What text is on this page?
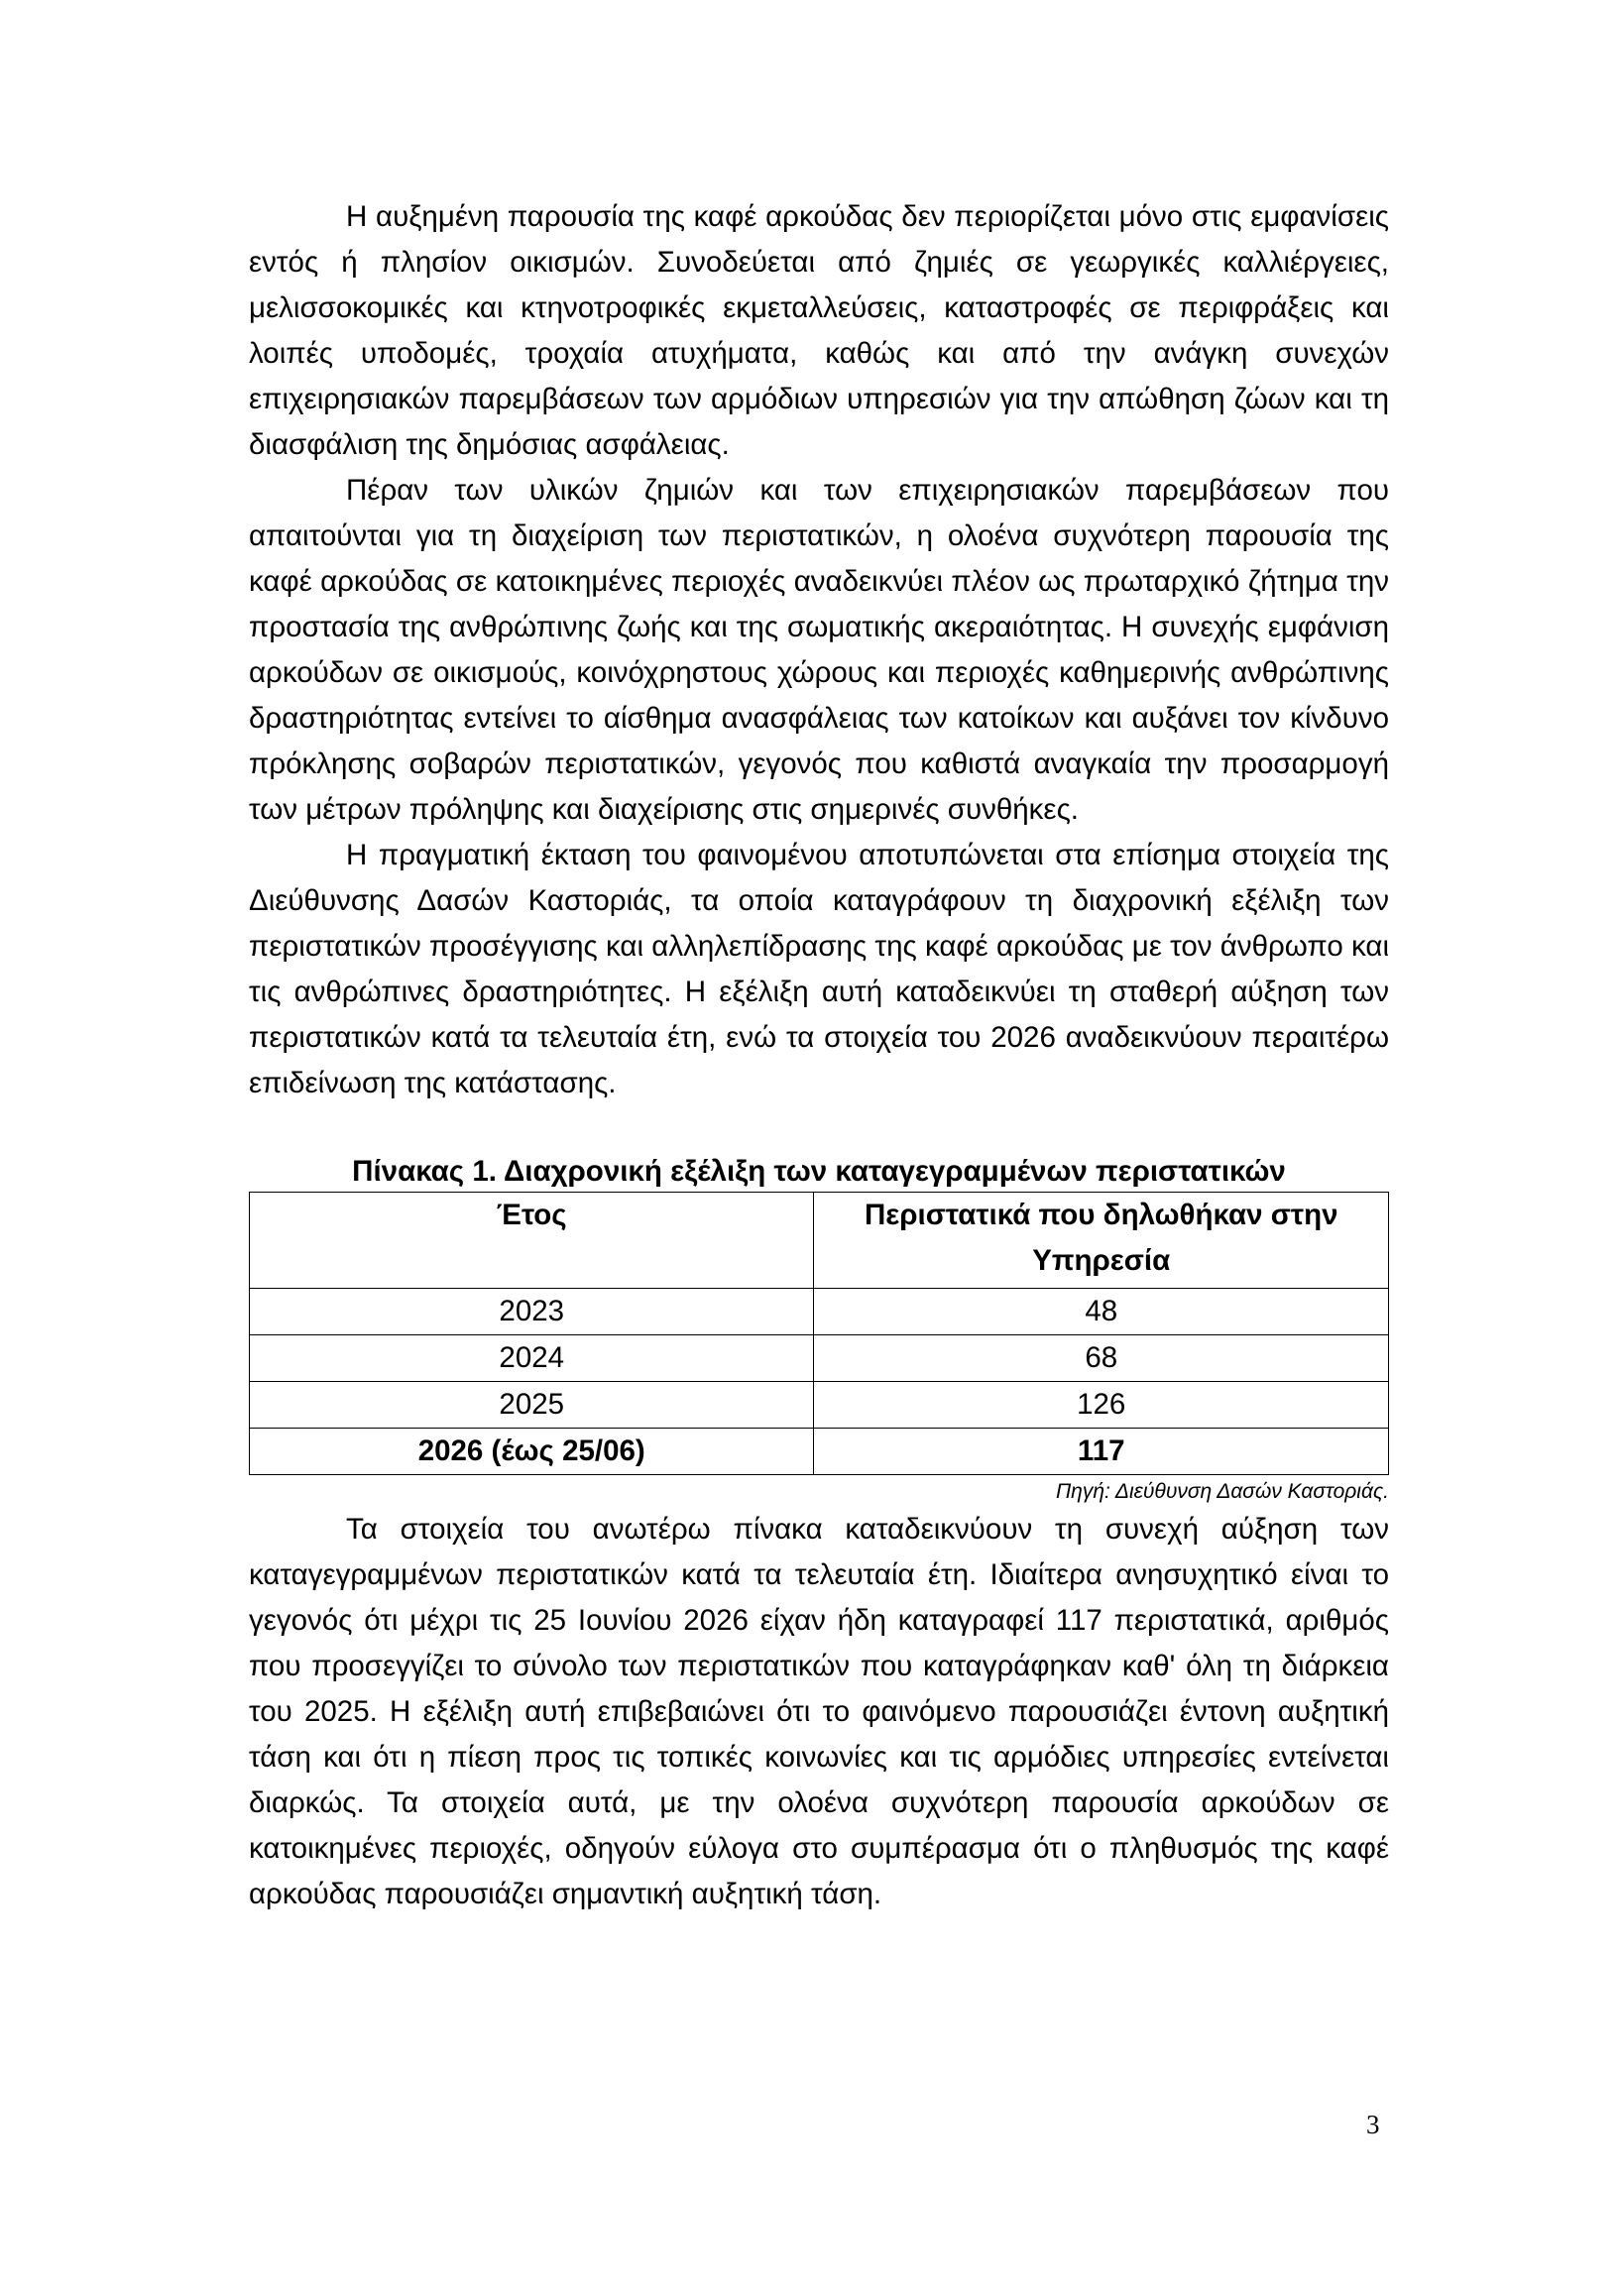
Η αυξημένη παρουσία της καφέ αρκούδας δεν περιορίζεται μόνο στις εμφανίσεις εντός ή πλησίον οικισμών. Συνοδεύεται από ζημιές σε γεωργικές καλλιέργειες, μελισσοκομικές και κτηνοτροφικές εκμεταλλεύσεις, καταστροφές σε περιφράξεις και λοιπές υποδομές, τροχαία ατυχήματα, καθώς και από την ανάγκη συνεχών επιχειρησιακών παρεμβάσεων των αρμόδιων υπηρεσιών για την απώθηση ζώων και τη διασφάλιση της δημόσιας ασφάλειας.

Πέραν των υλικών ζημιών και των επιχειρησιακών παρεμβάσεων που απαιτούνται για τη διαχείριση των περιστατικών, η ολοένα συχνότερη παρουσία της καφέ αρκούδας σε κατοικημένες περιοχές αναδεικνύει πλέον ως πρωταρχικό ζήτημα την προστασία της ανθρώπινης ζωής και της σωματικής ακεραιότητας. Η συνεχής εμφάνιση αρκούδων σε οικισμούς, κοινόχρηστους χώρους και περιοχές καθημερινής ανθρώπινης δραστηριότητας εντείνει το αίσθημα ανασφάλειας των κατοίκων και αυξάνει τον κίνδυνο πρόκλησης σοβαρών περιστατικών, γεγονός που καθιστά αναγκαία την προσαρμογή των μέτρων πρόληψης και διαχείρισης στις σημερινές συνθήκες.

Η πραγματική έκταση του φαινομένου αποτυπώνεται στα επίσημα στοιχεία της Διεύθυνσης Δασών Καστοριάς, τα οποία καταγράφουν τη διαχρονική εξέλιξη των περιστατικών προσέγγισης και αλληλεπίδρασης της καφέ αρκούδας με τον άνθρωπο και τις ανθρώπινες δραστηριότητες. Η εξέλιξη αυτή καταδεικνύει τη σταθερή αύξηση των περιστατικών κατά τα τελευταία έτη, ενώ τα στοιχεία του 2026 αναδεικνύουν περαιτέρω επιδείνωση της κατάστασης.

Πίνακας 1. Διαχρονική εξέλιξη των καταγεγραμμένων περιστατικών

Έτος	Περιστατικά που δηλωθήκαν στην Υπηρεσία
2023	48
2024	68
2025	126
2026 (έως 25/06)	117

Πηγή: Διεύθυνση Δασών Καστοριάς.

Τα στοιχεία του ανωτέρω πίνακα καταδεικνύουν τη συνεχή αύξηση των καταγεγραμμένων περιστατικών κατά τα τελευταία έτη. Ιδιαίτερα ανησυχητικό είναι το γεγονός ότι μέχρι τις 25 Ιουνίου 2026 είχαν ήδη καταγραφεί 117 περιστατικά, αριθμός που προσεγγίζει το σύνολο των περιστατικών που καταγράφηκαν καθ' όλη τη διάρκεια του 2025. Η εξέλιξη αυτή επιβεβαιώνει ότι το φαινόμενο παρουσιάζει έντονη αυξητική τάση και ότι η πίεση προς τις τοπικές κοινωνίες και τις αρμόδιες υπηρεσίες εντείνεται διαρκώς. Τα στοιχεία αυτά, με την ολοένα συχνότερη παρουσία αρκούδων σε κατοικημένες περιοχές, οδηγούν εύλογα στο συμπέρασμα ότι ο πληθυσμός της καφέ αρκούδας παρουσιάζει σημαντική αυξητική τάση.

3
